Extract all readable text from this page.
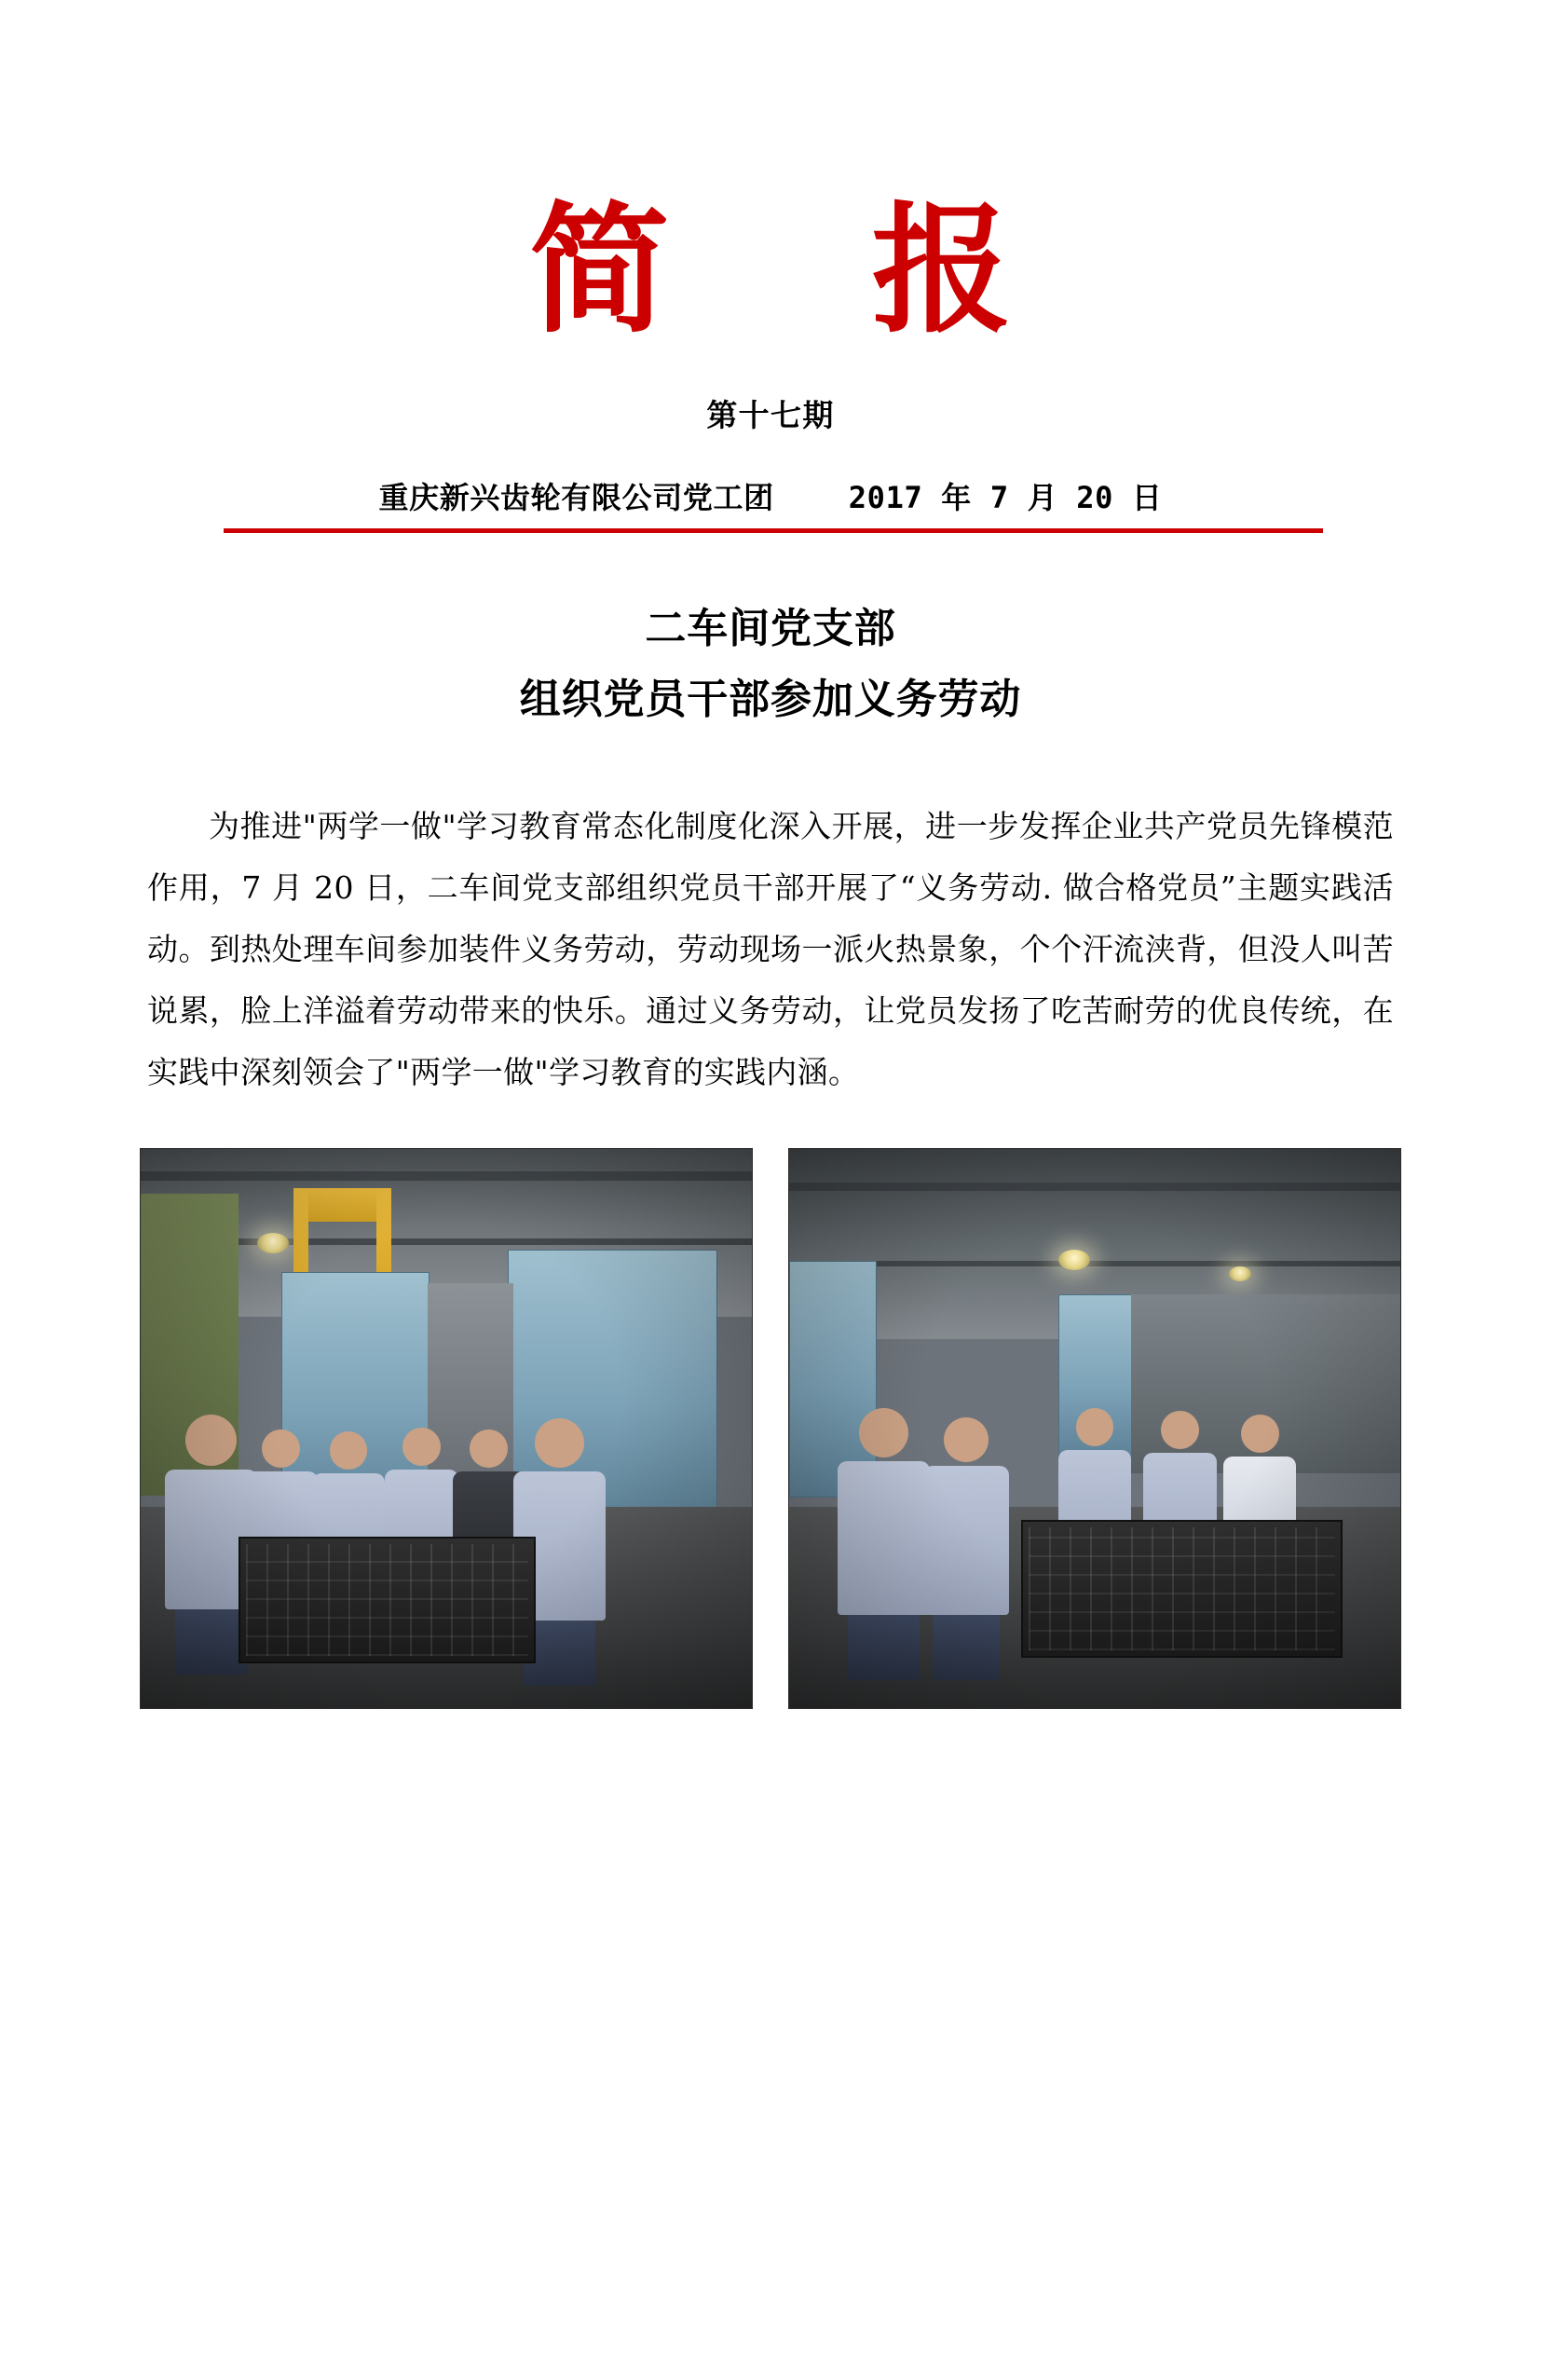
简 报
第十七期
重庆新兴齿轮有限公司党工团	2017 年 7 月 20 日
二车间党支部
组织党员干部参加义务劳动
为推进"两学一做"学习教育常态化制度化深入开展，进一步发挥企业共产党员先锋模范作用，7 月 20 日，二车间党支部组织党员干部开展了“义务劳动. 做合格党员”主题实践活动。到热处理车间参加装件义务劳动，劳动现场一派火热景象，个个汗流浃背，但没人叫苦说累，脸上洋溢着劳动带来的快乐。通过义务劳动，让党员发扬了吃苦耐劳的优良传统，在实践中深刻领会了"两学一做"学习教育的实践内涵。
